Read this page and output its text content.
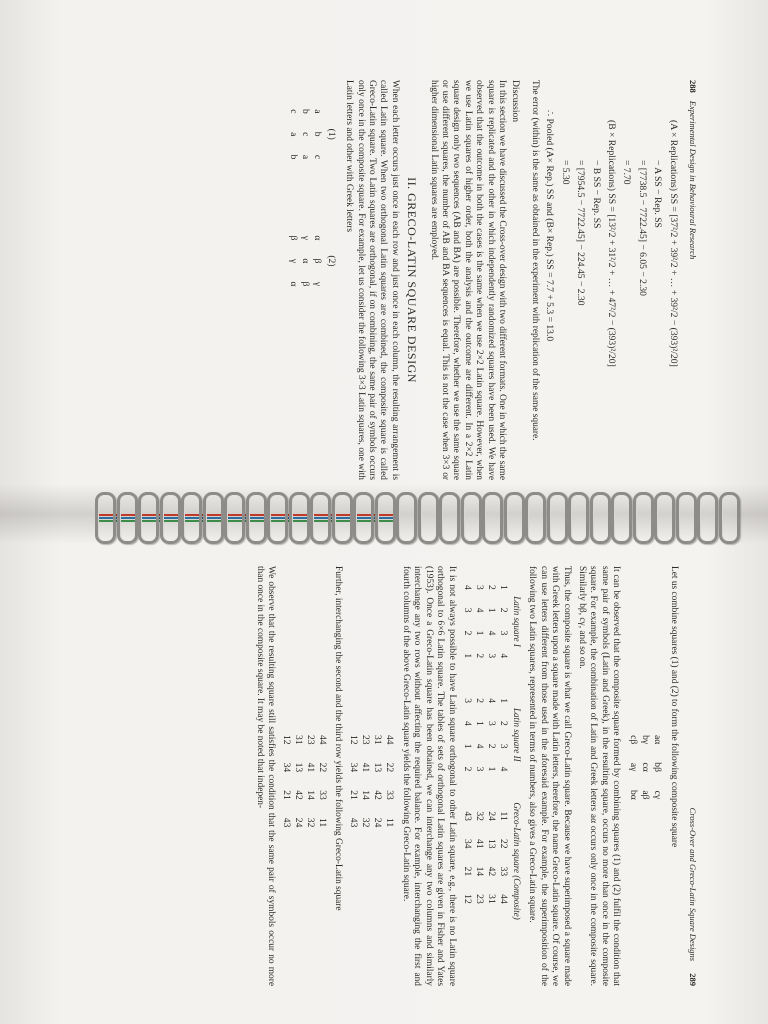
288 Experimental Design in Behavioural Research
(A × Replications) SS = [37²/2 + 39²/2 + … + 39²/2 − (393)²/20]
− A SS − Rep. SS
= [7738.5 − 7722.45] − 6.05 − 2.30
= 7.70
(B × Replications) SS = [13²/2 + 31²/2 + … + 47²/2 − (393)²/20]
− B SS − Rep. SS
= [7954.5 − 7722.45] − 224.45 − 2.30
= 5.30
∴ Pooled (A× Rep.) SS and (B× Rep.) SS = 7.7 + 5.3 = 13.0

The error (within) is the same as obtained in the experiment with replication of the same square.

Discussion

In this section we have discussed the Cross-over design with two different formats. One in which the same square is replicated and the other in which independently randomized squares have been used. We have observed that the outcome in both the cases is the same when we use 2×2 Latin square. However, when we use Latin squares of higher order, both the analysis and the outcome are different. In a 2×2 Latin square design only two sequences (AB and BA) are possible. Therefore, whether we use the same square or use different squares, the number of AB and BA sequences is equal. This is not the case when 3×3 or higher dimensional Latin squares are employed.

II. GRECO-LATIN SQUARE DESIGN

When each letter occurs just once in each row and just once in each column, the resulting arrangement is called Latin square. When two orthogonal Latin squares are combined, the composite square is called Greco-Latin square. Two Latin squares are orthogonal, if on combining, the same pair of symbols occurs only once in the composite square. For example, let us consider the following 3×3 Latin squares, one with Latin letters and other with Greek letters

(1)
a	b	c
b	c	a
c	a	b
(2)
α	β	γ
γ	α	β
β	γ	α
Cross-Over and Greco-Latin Square Designs 289

Let us combine squares (1) and (2) to form the following composite square

aα	bβ	cγ
bγ	cα	aβ
cβ	aγ	bα

It can be observed that the composite square formed by combining squares (1) and (2) fulfil the condition that same pair of symbols (Latin and Greek), in the resulting square, occurs no more than once in the composite square. For example, the combination of Latin and Greek letters aα occurs only once in the composite square. Similarly bβ, cγ, and so on.

Thus, the composite square is what we call Greco-Latin square. Because we have superimposed a square made with Greek letters upon a square made with Latin letters, therefore, the name Greco-Latin square. Of course, we can use letters different from those used in the aforesaid example. For example, the superimposition of the following two Latin squares, represented in terms of numbers, also gives a Greco-Latin square.

Latin square I
1	2	3	4
2	1	4	3
3	4	1	2
4	3	2	1
Latin square II
1	2	3	4
4	3	2	1
2	1	4	3
3	4	1	2
Greco-Latin square (Composite)
11	22	33	44
24	13	42	31
32	41	14	23
43	34	21	12

It is not always possible to have Latin square orthogonal to other Latin square, e.g., there is no Latin square orthogonal to 6×6 Latin square. The tables of sets of orthogonal Latin squares are given in Fisher and Yates (1953). Once a Greco-Latin square has been obtained, we can interchange any two columns and similarly interchange any two rows without affecting the required balance. For example, interchanging the first and fourth columns of the above Greco-Latin square yields the following Greco-Latin square.

44	22	33	11
31	13	42	24
23	41	14	32
12	34	21	43

Further, interchanging the second and the third row yields the following Greco-Latin square

44	22	33	11
23	41	14	32
31	13	42	24
12	34	21	43

We observe that the resulting square still satisfies the condition that the same pair of symbols occur no more than once in the composite square. It may be noted that indepen-
